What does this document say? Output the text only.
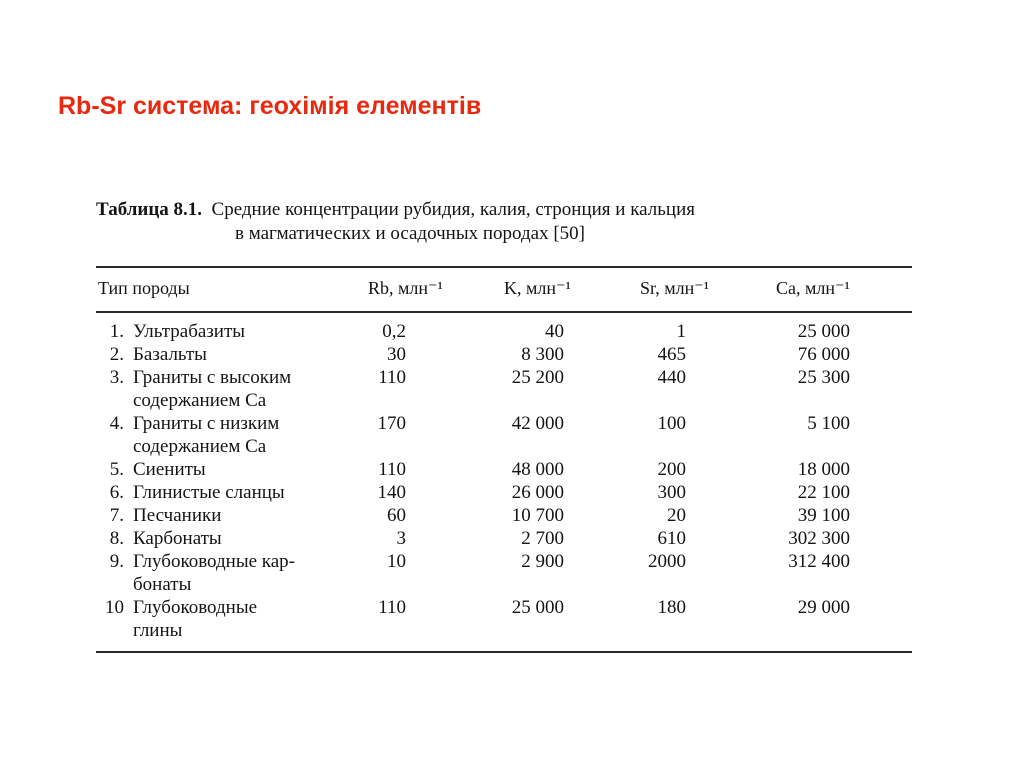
Rb-Sr система: геохімія елементів
Таблица 8.1. Средние концентрации рубидия, калия, стронция и кальция
в магматических и осадочных породах [50]
Тип породы	Rb, млн⁻¹	K, млн⁻¹	Sr, млн⁻¹	Ca, млн⁻¹
1. Ультрабазиты	0,2	40	1	25 000
2. Базальты	30	8 300	465	76 000
3. Граниты с высоким	110	25 200	440	25 300
содержанием Ca
4. Граниты с низким	170	42 000	100	5 100
содержанием Ca
5. Сиениты	110	48 000	200	18 000
6. Глинистые сланцы	140	26 000	300	22 100
7. Песчаники	60	10 700	20	39 100
8. Карбонаты	3	2 700	610	302 300
9. Глубоководные кар-	10	2 900	2000	312 400
бонаты
10 Глубоководные	110	25 000	180	29 000
глины
